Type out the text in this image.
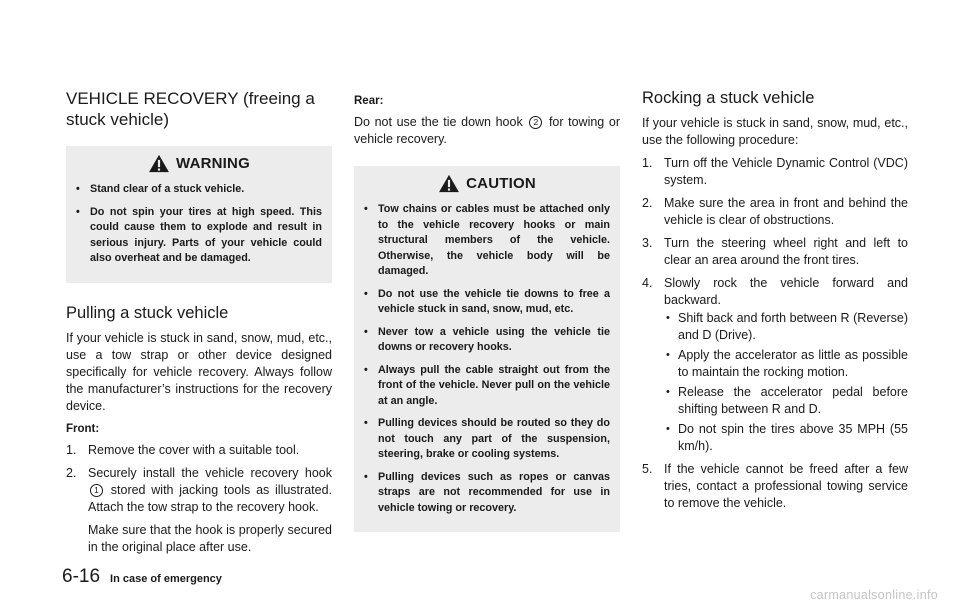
VEHICLE RECOVERY (freeing a stuck vehicle)
WARNING
• Stand clear of a stuck vehicle.
• Do not spin your tires at high speed. This could cause them to explode and result in serious injury. Parts of your vehicle could also overheat and be damaged.
Pulling a stuck vehicle

If your vehicle is stuck in sand, snow, mud, etc., use a tow strap or other device designed specifically for vehicle recovery. Always follow the manufacturer’s instructions for the recovery device.

Front:

1. Remove the cover with a suitable tool.
2. Securely install the vehicle recovery hook 1 stored with jacking tools as illustrated. Attach the tow strap to the recovery hook.

Make sure that the hook is properly secured in the original place after use.

Rear:

Do not use the tie down hook 2 for towing or vehicle recovery.

CAUTION
• Tow chains or cables must be attached only to the vehicle recovery hooks or main structural members of the vehicle. Otherwise, the vehicle body will be damaged.
• Do not use the vehicle tie downs to free a vehicle stuck in sand, snow, mud, etc.
• Never tow a vehicle using the vehicle tie downs or recovery hooks.
• Always pull the cable straight out from the front of the vehicle. Never pull on the vehicle at an angle.
• Pulling devices should be routed so they do not touch any part of the suspension, steering, brake or cooling systems.
• Pulling devices such as ropes or canvas straps are not recommended for use in vehicle towing or recovery.
Rocking a stuck vehicle

If your vehicle is stuck in sand, snow, mud, etc., use the following procedure:

1. Turn off the Vehicle Dynamic Control (VDC) system.
2. Make sure the area in front and behind the vehicle is clear of obstructions.
3. Turn the steering wheel right and left to clear an area around the front tires.
4. Slowly rock the vehicle forward and backward.
• Shift back and forth between R (Reverse) and D (Drive).
• Apply the accelerator as little as possible to maintain the rocking motion.
• Release the accelerator pedal before shifting between R and D.
• Do not spin the tires above 35 MPH (55 km/h).
5. If the vehicle cannot be freed after a few tries, contact a professional towing service to remove the vehicle.
6-16 In case of emergency
carmanualsonline.info
